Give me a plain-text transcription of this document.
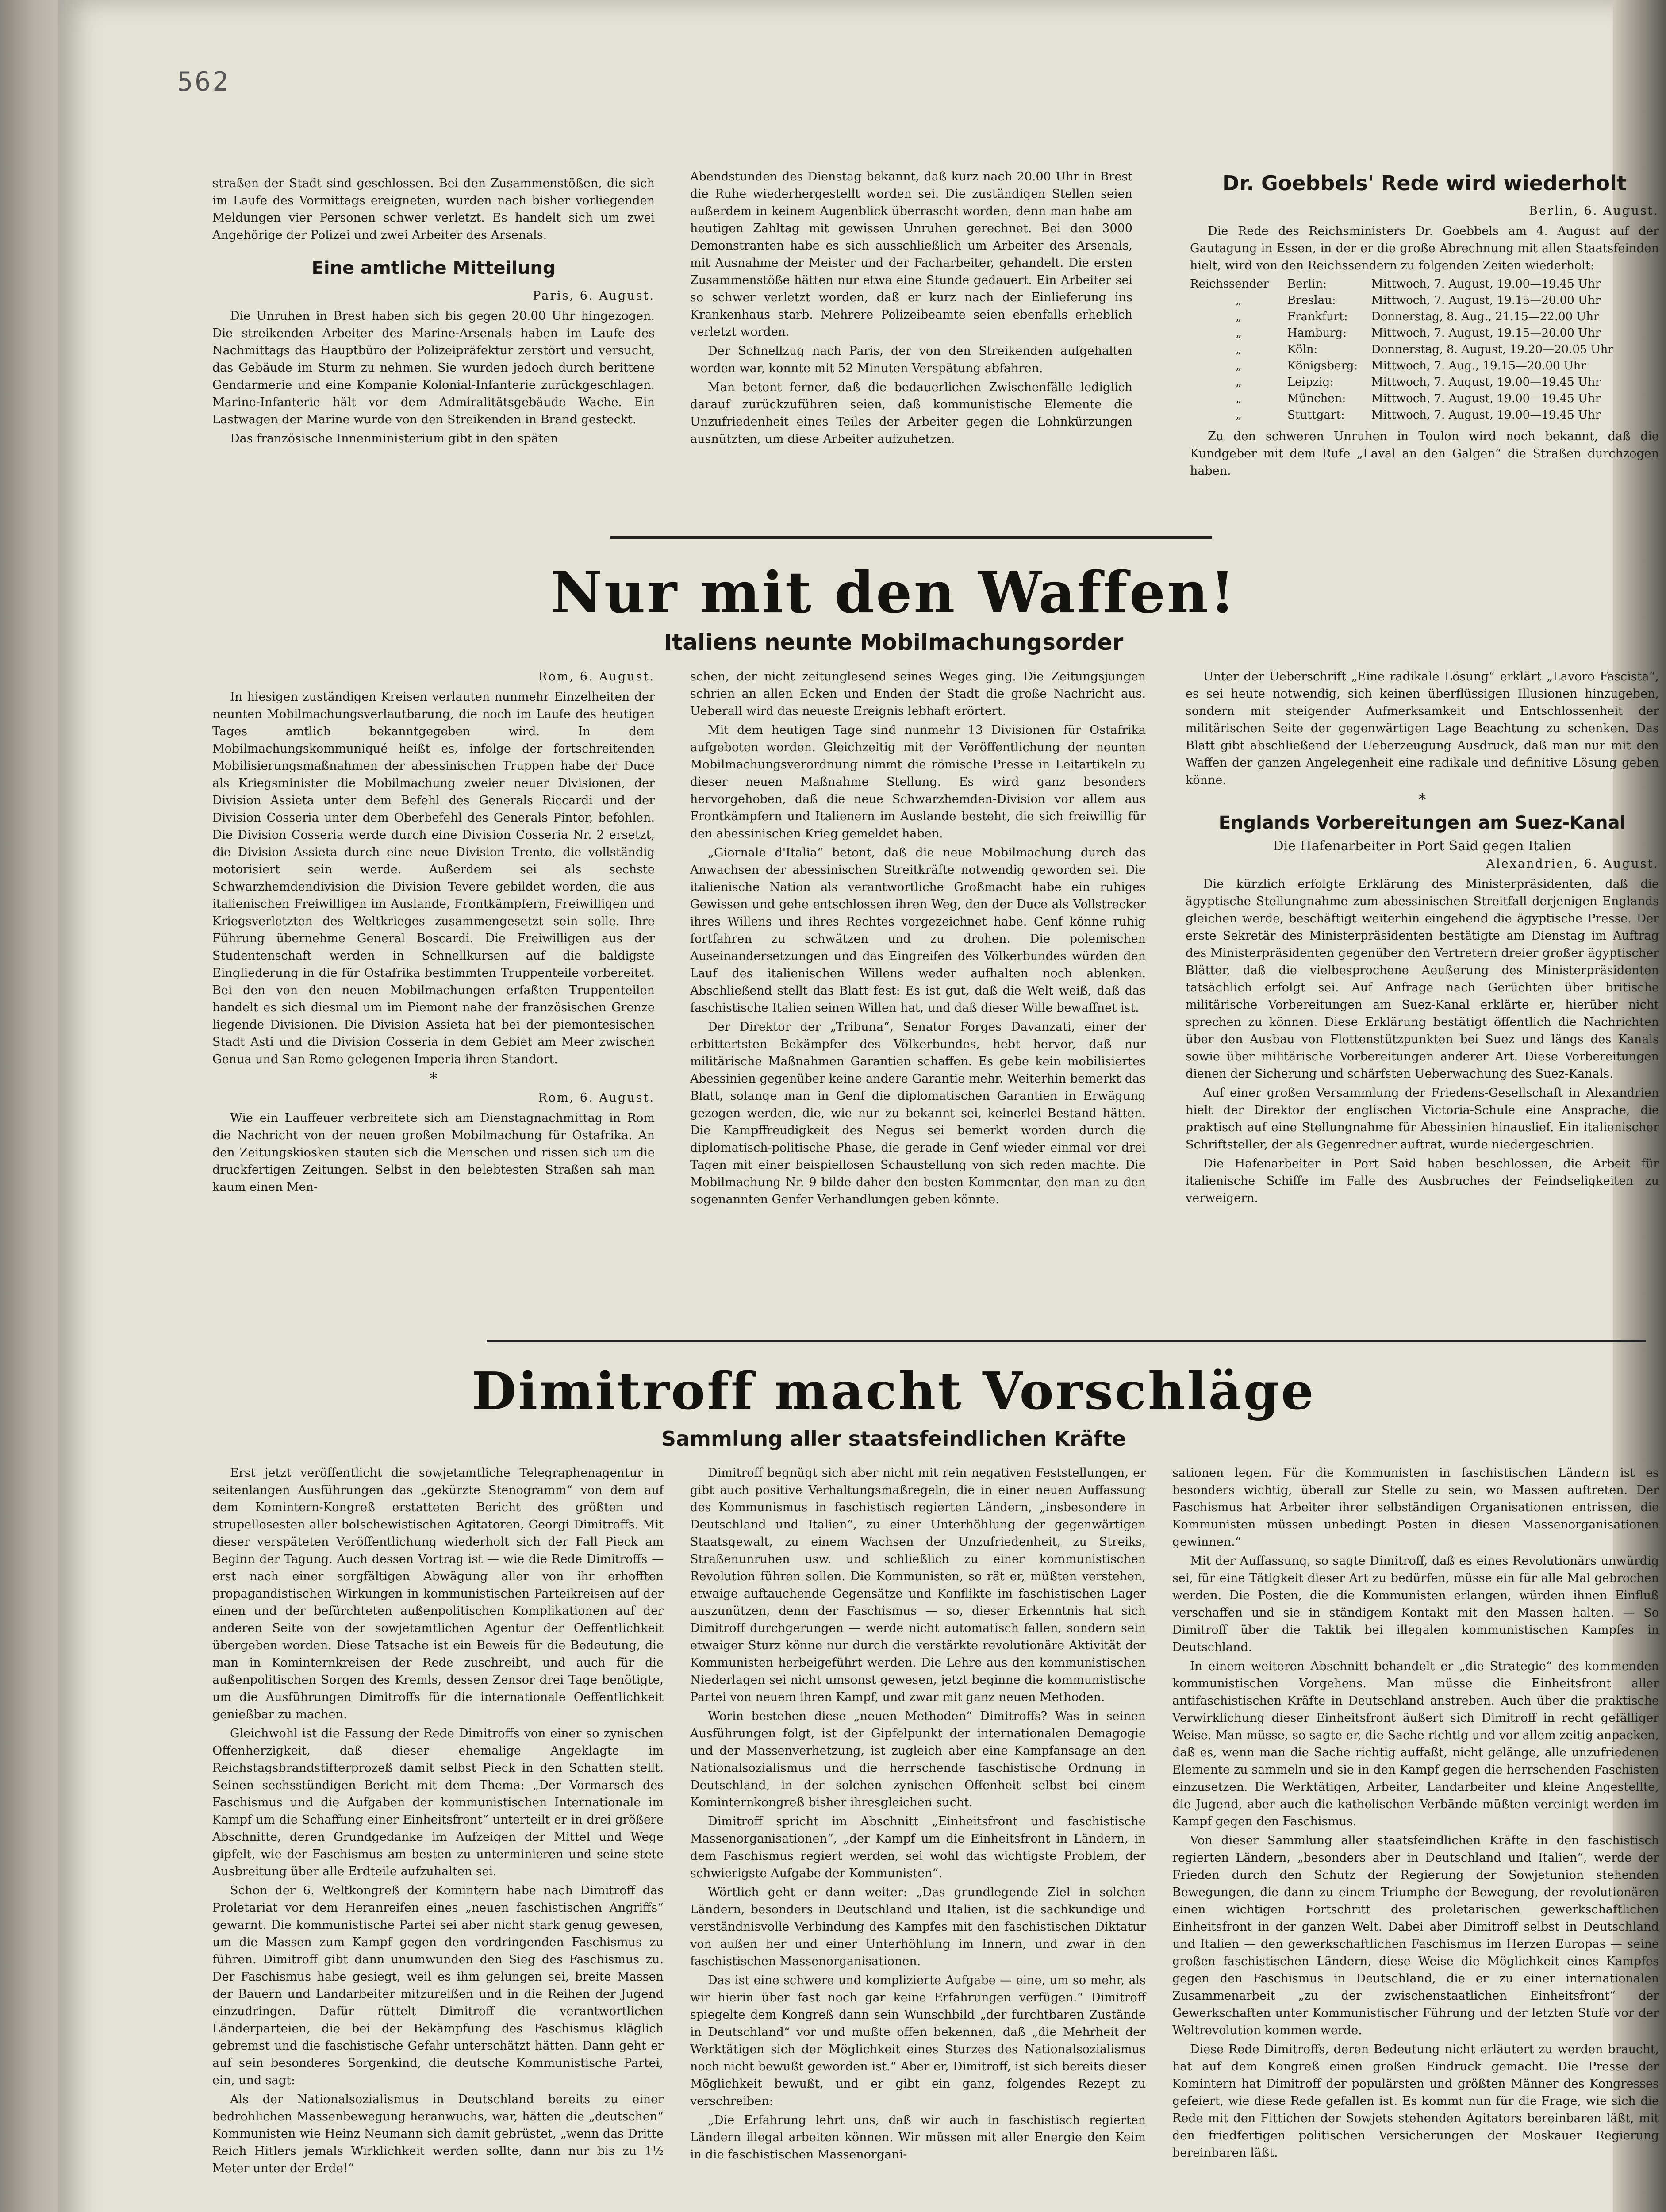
562

straßen der Stadt sind geschlossen. Bei den Zusammenstößen, die sich im Laufe des Vormittags ereigneten, wurden nach bisher vorliegenden Meldungen vier Personen schwer verletzt. Es handelt sich um zwei Angehörige der Polizei und zwei Arbeiter des Arsenals.

Eine amtliche Mitteilung
Paris, 6. August.

Die Unruhen in Brest haben sich bis gegen 20.00 Uhr hingezogen. Die streikenden Arbeiter des Marine-Arsenals haben im Laufe des Nachmittags das Hauptbüro der Polizeipräfektur zerstört und versucht, das Gebäude im Sturm zu nehmen. Sie wurden jedoch durch berittene Gendarmerie und eine Kompanie Kolonial-Infanterie zurückgeschlagen. Marine-Infanterie hält vor dem Admiralitätsgebäude Wache. Ein Lastwagen der Marine wurde von den Streikenden in Brand gesteckt.

Das französische Innenministerium gibt in den späten

Abendstunden des Dienstag bekannt, daß kurz nach 20.00 Uhr in Brest die Ruhe wiederhergestellt worden sei. Die zuständigen Stellen seien außerdem in keinem Augenblick überrascht worden, denn man habe am heutigen Zahltag mit gewissen Unruhen gerechnet. Bei den 3000 Demonstranten habe es sich ausschließlich um Arbeiter des Arsenals, mit Ausnahme der Meister und der Facharbeiter, gehandelt. Die ersten Zusammenstöße hätten nur etwa eine Stunde gedauert. Ein Arbeiter sei so schwer verletzt worden, daß er kurz nach der Einlieferung ins Krankenhaus starb. Mehrere Polizeibeamte seien ebenfalls erheblich verletzt worden.

Der Schnellzug nach Paris, der von den Streikenden aufgehalten worden war, konnte mit 52 Minuten Verspätung abfahren.

Man betont ferner, daß die bedauerlichen Zwischenfälle lediglich darauf zurückzuführen seien, daß kommunistische Elemente die Unzufriedenheit eines Teiles der Arbeiter gegen die Lohnkürzungen ausnützten, um diese Arbeiter aufzuhetzen.

Dr. Goebbels' Rede wird wiederholt
Berlin, 6. August.

Die Rede des Reichsministers Dr. Goebbels am 4. August auf der Gautagung in Essen, in der er die große Abrechnung mit allen Staatsfeinden hielt, wird von den Reichssendern zu folgenden Zeiten wiederholt:

Reichssender	Berlin:	Mittwoch, 7. August, 19.00—19.45 Uhr
„	Breslau:	Mittwoch, 7. August, 19.15—20.00 Uhr
„	Frankfurt:	Donnerstag, 8. Aug., 21.15—22.00 Uhr
„	Hamburg:	Mittwoch, 7. August, 19.15—20.00 Uhr
„	Köln:	Donnerstag, 8. August, 19.20—20.05 Uhr
„	Königsberg:	Mittwoch, 7. Aug., 19.15—20.00 Uhr
„	Leipzig:	Mittwoch, 7. August, 19.00—19.45 Uhr
„	München:	Mittwoch, 7. August, 19.00—19.45 Uhr
„	Stuttgart:	Mittwoch, 7. August, 19.00—19.45 Uhr

Zu den schweren Unruhen in Toulon wird noch bekannt, daß die Kundgeber mit dem Rufe „Laval an den Galgen“ die Straßen durchzogen haben.

Nur mit den Waffen!
Italiens neunte Mobilmachungsorder
Rom, 6. August.

In hiesigen zuständigen Kreisen verlauten nunmehr Einzelheiten der neunten Mobilmachungsverlautbarung, die noch im Laufe des heutigen Tages amtlich bekanntgegeben wird. In dem Mobilmachungskommuniqué heißt es, infolge der fortschreitenden Mobilisierungsmaßnahmen der abessinischen Truppen habe der Duce als Kriegsminister die Mobilmachung zweier neuer Divisionen, der Division Assieta unter dem Befehl des Generals Riccardi und der Division Cosseria unter dem Oberbefehl des Generals Pintor, befohlen. Die Division Cosseria werde durch eine Division Cosseria Nr. 2 ersetzt, die Division Assieta durch eine neue Division Trento, die vollständig motorisiert sein werde. Außerdem sei als sechste Schwarzhemdendivision die Division Tevere gebildet worden, die aus italienischen Freiwilligen im Auslande, Frontkämpfern, Freiwilligen und Kriegsverletzten des Weltkrieges zusammengesetzt sein solle. Ihre Führung übernehme General Boscardi. Die Freiwilligen aus der Studentenschaft werden in Schnellkursen auf die baldigste Eingliederung in die für Ostafrika bestimmten Truppenteile vorbereitet. Bei den von den neuen Mobilmachungen erfaßten Truppenteilen handelt es sich diesmal um im Piemont nahe der französischen Grenze liegende Divisionen. Die Division Assieta hat bei der piemontesischen Stadt Asti und die Division Cosseria in dem Gebiet am Meer zwischen Genua und San Remo gelegenen Imperia ihren Standort.

*
Rom, 6. August.

Wie ein Lauffeuer verbreitete sich am Dienstagnachmittag in Rom die Nachricht von der neuen großen Mobilmachung für Ostafrika. An den Zeitungskiosken stauten sich die Menschen und rissen sich um die druckfertigen Zeitungen. Selbst in den belebtesten Straßen sah man kaum einen Men-

schen, der nicht zeitunglesend seines Weges ging. Die Zeitungsjungen schrien an allen Ecken und Enden der Stadt die große Nachricht aus. Ueberall wird das neueste Ereignis lebhaft erörtert.

Mit dem heutigen Tage sind nunmehr 13 Divisionen für Ostafrika aufgeboten worden. Gleichzeitig mit der Veröffentlichung der neunten Mobilmachungsverordnung nimmt die römische Presse in Leitartikeln zu dieser neuen Maßnahme Stellung. Es wird ganz besonders hervorgehoben, daß die neue Schwarzhemden-Division vor allem aus Frontkämpfern und Italienern im Auslande besteht, die sich freiwillig für den abessinischen Krieg gemeldet haben.

„Giornale d'Italia“ betont, daß die neue Mobilmachung durch das Anwachsen der abessinischen Streitkräfte notwendig geworden sei. Die italienische Nation als verantwortliche Großmacht habe ein ruhiges Gewissen und gehe entschlossen ihren Weg, den der Duce als Vollstrecker ihres Willens und ihres Rechtes vorgezeichnet habe. Genf könne ruhig fortfahren zu schwätzen und zu drohen. Die polemischen Auseinandersetzungen und das Eingreifen des Völkerbundes würden den Lauf des italienischen Willens weder aufhalten noch ablenken. Abschließend stellt das Blatt fest: Es ist gut, daß die Welt weiß, daß das faschistische Italien seinen Willen hat, und daß dieser Wille bewaffnet ist.

Der Direktor der „Tribuna“, Senator Forges Davanzati, einer der erbittertsten Bekämpfer des Völkerbundes, hebt hervor, daß nur militärische Maßnahmen Garantien schaffen. Es gebe kein mobilisiertes Abessinien gegenüber keine andere Garantie mehr. Weiterhin bemerkt das Blatt, solange man in Genf die diplomatischen Garantien in Erwägung gezogen werden, die, wie nur zu bekannt sei, keinerlei Bestand hätten. Die Kampffreudigkeit des Negus sei bemerkt worden durch die diplomatisch-politische Phase, die gerade in Genf wieder einmal vor drei Tagen mit einer beispiellosen Schaustellung von sich reden machte. Die Mobilmachung Nr. 9 bilde daher den besten Kommentar, den man zu den sogenannten Genfer Verhandlungen geben könnte.

Unter der Ueberschrift „Eine radikale Lösung“ erklärt „Lavoro Fascista“, es sei heute notwendig, sich keinen überflüssigen Illusionen hinzugeben, sondern mit steigender Aufmerksamkeit und Entschlossenheit der militärischen Seite der gegenwärtigen Lage Beachtung zu schenken. Das Blatt gibt abschließend der Ueberzeugung Ausdruck, daß man nur mit den Waffen der ganzen Angelegenheit eine radikale und definitive Lösung geben könne.

*
Englands Vorbereitungen am Suez-Kanal
Die Hafenarbeiter in Port Said gegen Italien
Alexandrien, 6. August.

Die kürzlich erfolgte Erklärung des Ministerpräsidenten, daß die ägyptische Stellungnahme zum abessinischen Streitfall derjenigen Englands gleichen werde, beschäftigt weiterhin eingehend die ägyptische Presse. Der erste Sekretär des Ministerpräsidenten bestätigte am Dienstag im Auftrag des Ministerpräsidenten gegenüber den Vertretern dreier großer ägyptischer Blätter, daß die vielbesprochene Aeußerung des Ministerpräsidenten tatsächlich erfolgt sei. Auf Anfrage nach Gerüchten über britische militärische Vorbereitungen am Suez-Kanal erklärte er, hierüber nicht sprechen zu können. Diese Erklärung bestätigt öffentlich die Nachrichten über den Ausbau von Flottenstützpunkten bei Suez und längs des Kanals sowie über militärische Vorbereitungen anderer Art. Diese Vorbereitungen dienen der Sicherung und schärfsten Ueberwachung des Suez-Kanals.

Auf einer großen Versammlung der Friedens-Gesellschaft in Alexandrien hielt der Direktor der englischen Victoria-Schule eine Ansprache, die praktisch auf eine Stellungnahme für Abessinien hinauslief. Ein italienischer Schriftsteller, der als Gegenredner auftrat, wurde niedergeschrien.

Die Hafenarbeiter in Port Said haben beschlossen, die Arbeit für italienische Schiffe im Falle des Ausbruches der Feindseligkeiten zu verweigern.

Dimitroff macht Vorschläge
Sammlung aller staatsfeindlichen Kräfte

Erst jetzt veröffentlicht die sowjetamtliche Telegraphenagentur in seitenlangen Ausführungen das „gekürzte Stenogramm“ von dem auf dem Komintern-Kongreß erstatteten Bericht des größten und strupellosesten aller bolschewistischen Agitatoren, Georgi Dimitroffs. Mit dieser verspäteten Veröffentlichung wiederholt sich der Fall Pieck am Beginn der Tagung. Auch dessen Vortrag ist — wie die Rede Dimitroffs — erst nach einer sorgfältigen Abwägung aller von ihr erhofften propagandistischen Wirkungen in kommunistischen Parteikreisen auf der einen und der befürchteten außenpolitischen Komplikationen auf der anderen Seite von der sowjetamtlichen Agentur der Oeffentlichkeit übergeben worden. Diese Tatsache ist ein Beweis für die Bedeutung, die man in Kominternkreisen der Rede zuschreibt, und auch für die außenpolitischen Sorgen des Kremls, dessen Zensor drei Tage benötigte, um die Ausführungen Dimitroffs für die internationale Oeffentlichkeit genießbar zu machen.

Gleichwohl ist die Fassung der Rede Dimitroffs von einer so zynischen Offenherzigkeit, daß dieser ehemalige Angeklagte im Reichstagsbrandstifterprozeß damit selbst Pieck in den Schatten stellt. Seinen sechsstündigen Bericht mit dem Thema: „Der Vormarsch des Faschismus und die Aufgaben der kommunistischen Internationale im Kampf um die Schaffung einer Einheitsfront“ unterteilt er in drei größere Abschnitte, deren Grundgedanke im Aufzeigen der Mittel und Wege gipfelt, wie der Faschismus am besten zu unterminieren und seine stete Ausbreitung über alle Erdteile aufzuhalten sei.

Schon der 6. Weltkongreß der Komintern habe nach Dimitroff das Proletariat vor dem Heranreifen eines „neuen faschistischen Angriffs“ gewarnt. Die kommunistische Partei sei aber nicht stark genug gewesen, um die Massen zum Kampf gegen den vordringenden Faschismus zu führen. Dimitroff gibt dann unumwunden den Sieg des Faschismus zu. Der Faschismus habe gesiegt, weil es ihm gelungen sei, breite Massen der Bauern und Landarbeiter mitzureißen und in die Reihen der Jugend einzudringen. Dafür rüttelt Dimitroff die verantwortlichen Länderparteien, die bei der Bekämpfung des Faschismus kläglich gebremst und die faschistische Gefahr unterschätzt hätten. Dann geht er auf sein besonderes Sorgenkind, die deutsche Kommunistische Partei, ein, und sagt:

Als der Nationalsozialismus in Deutschland bereits zu einer bedrohlichen Massenbewegung heranwuchs, war, hätten die „deutschen“ Kommunisten wie Heinz Neumann sich damit gebrüstet, „wenn das Dritte Reich Hitlers jemals Wirklichkeit werden sollte, dann nur bis zu 1½ Meter unter der Erde!“

Dimitroff begnügt sich aber nicht mit rein negativen Feststellungen, er gibt auch positive Verhaltungsmaßregeln, die in einer neuen Auffassung des Kommunismus in faschistisch regierten Ländern, „insbesondere in Deutschland und Italien“, zu einer Unterhöhlung der gegenwärtigen Staatsgewalt, zu einem Wachsen der Unzufriedenheit, zu Streiks, Straßenunruhen usw. und schließlich zu einer kommunistischen Revolution führen sollen. Die Kommunisten, so rät er, müßten verstehen, etwaige auftauchende Gegensätze und Konflikte im faschistischen Lager auszunützen, denn der Faschismus — so, dieser Erkenntnis hat sich Dimitroff durchgerungen — werde nicht automatisch fallen, sondern sein etwaiger Sturz könne nur durch die verstärkte revolutionäre Aktivität der Kommunisten herbeigeführt werden. Die Lehre aus den kommunistischen Niederlagen sei nicht umsonst gewesen, jetzt beginne die kommunistische Partei von neuem ihren Kampf, und zwar mit ganz neuen Methoden.

Worin bestehen diese „neuen Methoden“ Dimitroffs? Was in seinen Ausführungen folgt, ist der Gipfelpunkt der internationalen Demagogie und der Massenverhetzung, ist zugleich aber eine Kampfansage an den Nationalsozialismus und die herrschende faschistische Ordnung in Deutschland, in der solchen zynischen Offenheit selbst bei einem Kominternkongreß bisher ihresgleichen sucht.

Dimitroff spricht im Abschnitt „Einheitsfront und faschistische Massenorganisationen“, „der Kampf um die Einheitsfront in Ländern, in dem Faschismus regiert werden, sei wohl das wichtigste Problem, der schwierigste Aufgabe der Kommunisten“.

Wörtlich geht er dann weiter: „Das grundlegende Ziel in solchen Ländern, besonders in Deutschland und Italien, ist die sachkundige und verständnisvolle Verbindung des Kampfes mit den faschistischen Diktatur von außen her und einer Unterhöhlung im Innern, und zwar in den faschistischen Massenorganisationen.

Das ist eine schwere und komplizierte Aufgabe — eine, um so mehr, als wir hierin über fast noch gar keine Erfahrungen verfügen.“ Dimitroff spiegelte dem Kongreß dann sein Wunschbild „der furchtbaren Zustände in Deutschland“ vor und mußte offen bekennen, daß „die Mehrheit der Werktätigen sich der Möglichkeit eines Sturzes des Nationalsozialismus noch nicht bewußt geworden ist.“ Aber er, Dimitroff, ist sich bereits dieser Möglichkeit bewußt, und er gibt ein ganz, folgendes Rezept zu verschreiben:

„Die Erfahrung lehrt uns, daß wir auch in faschistisch regierten Ländern illegal arbeiten können. Wir müssen mit aller Energie den Keim in die faschistischen Massenorgani-

sationen legen. Für die Kommunisten in faschistischen Ländern ist es besonders wichtig, überall zur Stelle zu sein, wo Massen auftreten. Der Faschismus hat Arbeiter ihrer selbständigen Organisationen entrissen, die Kommunisten müssen unbedingt Posten in diesen Massenorganisationen gewinnen.“

Mit der Auffassung, so sagte Dimitroff, daß es eines Revolutionärs unwürdig sei, für eine Tätigkeit dieser Art zu bedürfen, müsse ein für alle Mal gebrochen werden. Die Posten, die die Kommunisten erlangen, würden ihnen Einfluß verschaffen und sie in ständigem Kontakt mit den Massen halten. — So Dimitroff über die Taktik bei illegalen kommunistischen Kampfes in Deutschland.

In einem weiteren Abschnitt behandelt er „die Strategie“ des kommenden kommunistischen Vorgehens. Man müsse die Einheitsfront aller antifaschistischen Kräfte in Deutschland anstreben. Auch über die praktische Verwirklichung dieser Einheitsfront äußert sich Dimitroff in recht gefälliger Weise. Man müsse, so sagte er, die Sache richtig und vor allem zeitig anpacken, daß es, wenn man die Sache richtig auffaßt, nicht gelänge, alle unzufriedenen Elemente zu sammeln und sie in den Kampf gegen die herrschenden Faschisten einzusetzen. Die Werktätigen, Arbeiter, Landarbeiter und kleine Angestellte, die Jugend, aber auch die katholischen Verbände müßten vereinigt werden im Kampf gegen den Faschismus.

Von dieser Sammlung aller staatsfeindlichen Kräfte in den faschistisch regierten Ländern, „besonders aber in Deutschland und Italien“, werde der Frieden durch den Schutz der Regierung der Sowjetunion stehenden Bewegungen, die dann zu einem Triumphe der Bewegung, der revolutionären einen wichtigen Fortschritt des proletarischen gewerkschaftlichen Einheitsfront in der ganzen Welt. Dabei aber Dimitroff selbst in Deutschland und Italien — den gewerkschaftlichen Faschismus im Herzen Europas — seine großen faschistischen Ländern, diese Weise die Möglichkeit eines Kampfes gegen den Faschismus in Deutschland, die er zu einer internationalen Zusammenarbeit „zu der zwischenstaatlichen Einheitsfront“ der Gewerkschaften unter Kommunistischer Führung und der letzten Stufe vor der Weltrevolution kommen werde.

Diese Rede Dimitroffs, deren Bedeutung nicht erläutert zu werden braucht, hat auf dem Kongreß einen großen Eindruck gemacht. Die Presse der Komintern hat Dimitroff der populärsten und größten Männer des Kongresses gefeiert, wie diese Rede gefallen ist. Es kommt nun für die Frage, wie sich die Rede mit den Fittichen der Sowjets stehenden Agitators bereinbaren läßt, mit den friedfertigen politischen Versicherungen der Moskauer Regierung bereinbaren läßt.
